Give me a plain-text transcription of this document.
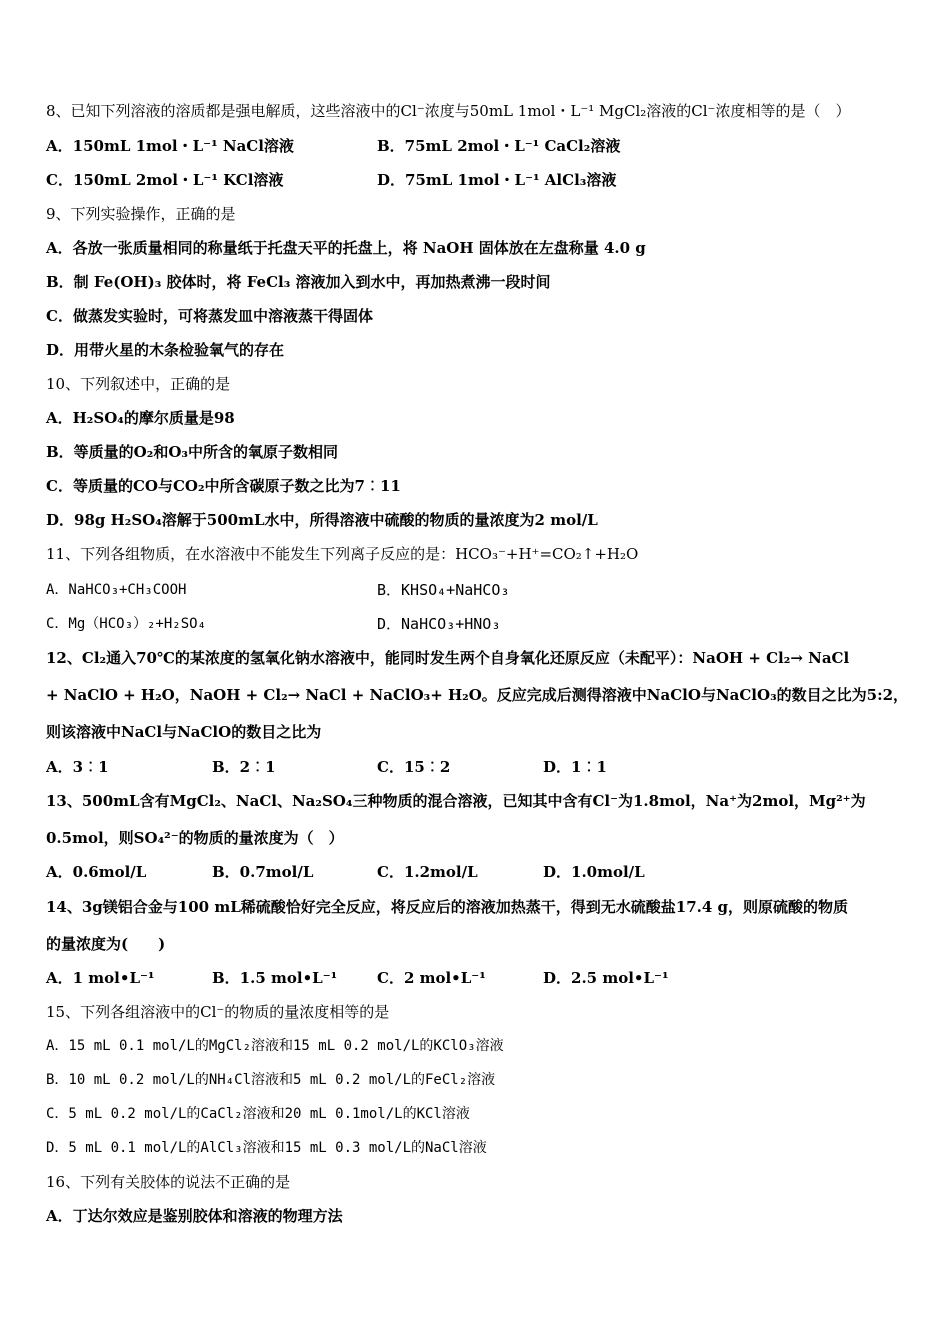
8、已知下列溶液的溶质都是强电解质，这些溶液中的Cl⁻浓度与50mL 1mol・L⁻¹ MgCl₂溶液的Cl⁻浓度相等的是（　）
A．150mL 1mol・L⁻¹ NaCl溶液	B．75mL 2mol・L⁻¹ CaCl₂溶液
C．150mL 2mol・L⁻¹ KCl溶液	D．75mL 1mol・L⁻¹ AlCl₃溶液
9、下列实验操作，正确的是
A．各放一张质量相同的称量纸于托盘天平的托盘上，将 NaOH 固体放在左盘称量 4.0 g
B．制 Fe(OH)₃ 胶体时，将 FeCl₃ 溶液加入到水中，再加热煮沸一段时间
C．做蒸发实验时，可将蒸发皿中溶液蒸干得固体
D．用带火星的木条检验氧气的存在
10、下列叙述中，正确的是
A．H₂SO₄的摩尔质量是98
B．等质量的O₂和O₃中所含的氧原子数相同
C．等质量的CO与CO₂中所含碳原子数之比为7︰11
D．98g H₂SO₄溶解于500mL水中，所得溶液中硫酸的物质的量浓度为2 mol/L
11、下列各组物质，在水溶液中不能发生下列离子反应的是：HCO₃⁻+H⁺=CO₂↑+H₂O
A．NaHCO₃+CH₃COOH	B．KHSO₄+NaHCO₃
C．Mg（HCO₃）₂+H₂SO₄	D．NaHCO₃+HNO₃
12、Cl₂通入70℃的某浓度的氢氧化钠水溶液中，能同时发生两个自身氧化还原反应（未配平）：NaOH + Cl₂→ NaCl
+ NaClO + H₂O，NaOH + Cl₂→ NaCl + NaClO₃+ H₂O。反应完成后测得溶液中NaClO与NaClO₃的数目之比为5:2，
则该溶液中NaCl与NaClO的数目之比为
A．3︰1	B．2︰1	C．15︰2	D．1︰1
13、500mL含有MgCl₂、NaCl、Na₂SO₄三种物质的混合溶液，已知其中含有Cl⁻为1.8mol，Na⁺为2mol，Mg²⁺为
0.5mol，则SO₄²⁻的物质的量浓度为（　）
A．0.6mol/L	B．0.7mol/L	C．1.2mol/L	D．1.0mol/L
14、3g镁铝合金与100 mL稀硫酸恰好完全反应，将反应后的溶液加热蒸干，得到无水硫酸盐17.4 g，则原硫酸的物质
的量浓度为(　　)
A．1 mol•L⁻¹	B．1.5 mol•L⁻¹	C．2 mol•L⁻¹	D．2.5 mol•L⁻¹
15、下列各组溶液中的Cl⁻的物质的量浓度相等的是
A．15 mL 0.1 mol/L的MgCl₂溶液和15 mL 0.2 mol/L的KClO₃溶液
B．10 mL 0.2 mol/L的NH₄Cl溶液和5 mL 0.2 mol/L的FeCl₂溶液
C．5 mL 0.2 mol/L的CaCl₂溶液和20 mL 0.1mol/L的KCl溶液
D．5 mL 0.1 mol/L的AlCl₃溶液和15 mL 0.3 mol/L的NaCl溶液
16、下列有关胶体的说法不正确的是
A．丁达尔效应是鉴别胶体和溶液的物理方法
